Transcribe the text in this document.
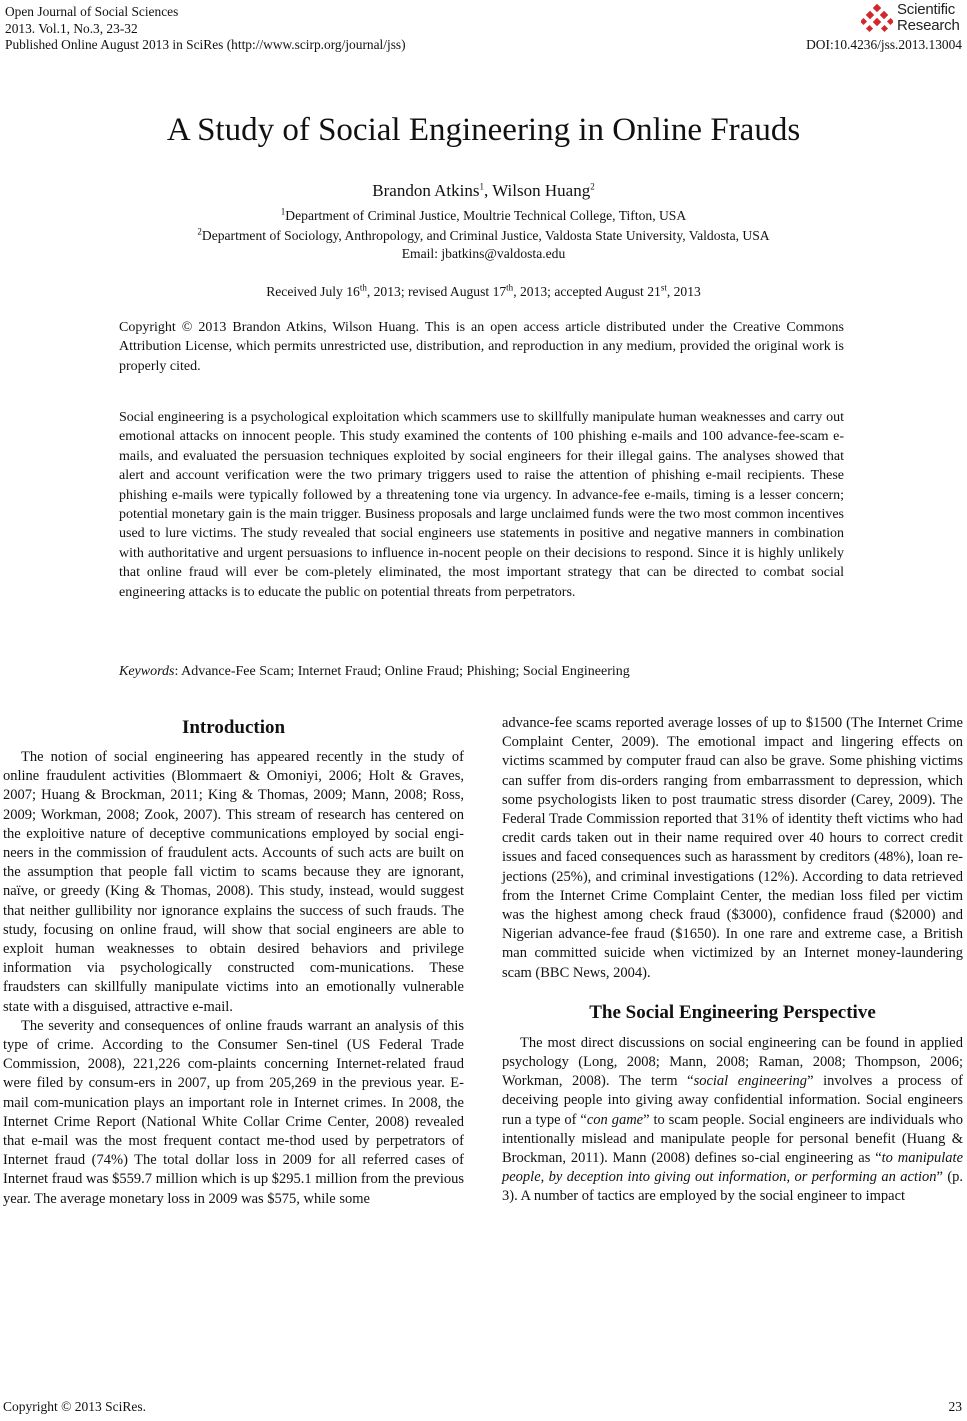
Open Journal of Social Sciences
2013. Vol.1, No.3, 23-32
Published Online August 2013 in SciRes (http://www.scirp.org/journal/jss)	DOI:10.4236/jss.2013.13004
Scientific
Research
A Study of Social Engineering in Online Frauds
Brandon Atkins$^1$, Wilson Huang$^2$
$^1$Department of Criminal Justice, Moultrie Technical College, Tifton, USA
$^2$Department of Sociology, Anthropology, and Criminal Justice, Valdosta State University, Valdosta, USA
Email: jbatkins@valdosta.edu
Received July 16th, 2013; revised August 17th, 2013; accepted August 21st, 2013
Copyright © 2013 Brandon Atkins, Wilson Huang. This is an open access article distributed under the Creative Commons Attribution License, which permits unrestricted use, distribution, and reproduction in any medium, provided the original work is properly cited.
Social engineering is a psychological exploitation which scammers use to skillfully manipulate human weaknesses and carry out emotional attacks on innocent people. This study examined the contents of 100 phishing e-mails and 100 advance-fee-scam e-mails, and evaluated the persuasion techniques exploited by social engineers for their illegal gains. The analyses showed that alert and account verification were the two primary triggers used to raise the attention of phishing e-mail recipients. These phishing e-mails were typically followed by a threatening tone via urgency. In advance-fee e-mails, timing is a lesser concern; potential monetary gain is the main trigger. Business proposals and large unclaimed funds were the two most common incentives used to lure victims. The study revealed that social engineers use statements in positive and negative manners in combination with authoritative and urgent persuasions to influence in-nocent people on their decisions to respond. Since it is highly unlikely that online fraud will ever be com-pletely eliminated, the most important strategy that can be directed to combat social engineering attacks is to educate the public on potential threats from perpetrators.
Keywords: Advance-Fee Scam; Internet Fraud; Online Fraud; Phishing; Social Engineering
Introduction

The notion of social engineering has appeared recently in the study of online fraudulent activities (Blommaert & Omoniyi, 2006; Holt & Graves, 2007; Huang & Brockman, 2011; King & Thomas, 2009; Mann, 2008; Ross, 2009; Workman, 2008; Zook, 2007). This stream of research has centered on the exploitive nature of deceptive communications employed by social engi-neers in the commission of fraudulent acts. Accounts of such acts are built on the assumption that people fall victim to scams because they are ignorant, naïve, or greedy (King & Thomas, 2008). This study, instead, would suggest that neither gullibility nor ignorance explains the success of such frauds. The study, focusing on online fraud, will show that social engineers are able to exploit human weaknesses to obtain desired behaviors and privilege information via psychologically constructed com-munications. These fraudsters can skillfully manipulate victims into an emotionally vulnerable state with a disguised, attractive e-mail.

The severity and consequences of online frauds warrant an analysis of this type of crime. According to the Consumer Sen-tinel (US Federal Trade Commission, 2008), 221,226 com-plaints concerning Internet-related fraud were filed by consum-ers in 2007, up from 205,269 in the previous year. E-mail com-munication plays an important role in Internet crimes. In 2008, the Internet Crime Report (National White Collar Crime Center, 2008) revealed that e-mail was the most frequent contact me-thod used by perpetrators of Internet fraud (74%) The total dollar loss in 2009 for all referred cases of Internet fraud was $559.7 million which is up $295.1 million from the previous year. The average monetary loss in 2009 was $575, while some

advance-fee scams reported average losses of up to $1500 (The Internet Crime Complaint Center, 2009). The emotional impact and lingering effects on victims scammed by computer fraud can also be grave. Some phishing victims can suffer from dis-orders ranging from embarrassment to depression, which some psychologists liken to post traumatic stress disorder (Carey, 2009). The Federal Trade Commission reported that 31% of identity theft victims who had credit cards taken out in their name required over 40 hours to correct credit issues and faced consequences such as harassment by creditors (48%), loan re-jections (25%), and criminal investigations (12%). According to data retrieved from the Internet Crime Complaint Center, the median loss filed per victim was the highest among check fraud ($3000), confidence fraud ($2000) and Nigerian advance-fee fraud ($1650). In one rare and extreme case, a British man committed suicide when victimized by an Internet money-laundering scam (BBC News, 2004).

The Social Engineering Perspective

The most direct discussions on social engineering can be found in applied psychology (Long, 2008; Mann, 2008; Raman, 2008; Thompson, 2006; Workman, 2008). The term “social engineering” involves a process of deceiving people into giving away confidential information. Social engineers run a type of “con game” to scam people. Social engineers are individuals who intentionally mislead and manipulate people for personal benefit (Huang & Brockman, 2011). Mann (2008) defines so-cial engineering as “to manipulate people, by deception into giving out information, or performing an action” (p. 3). A number of tactics are employed by the social engineer to impact

Copyright © 2013 SciRes.	23
